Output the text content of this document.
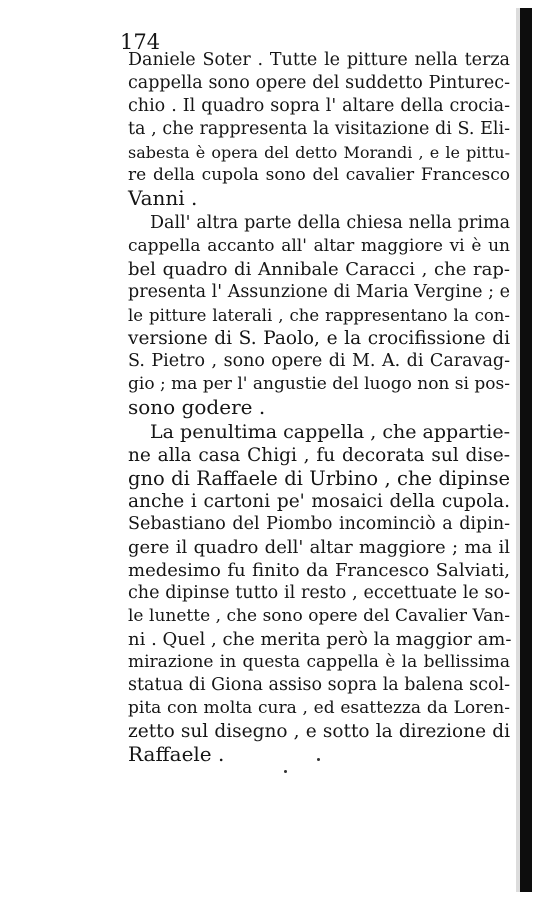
174
Daniele Soter . Tutte le pitture nella terza
cappella sono opere del suddetto Pinturec-
chio . Il quadro sopra l' altare della crocia-
ta , che rappresenta la visitazione di S. Eli-
sabesta è opera del detto Morandi , e le pittu-
re della cupola sono del cavalier Francesco
Vanni .
Dall' altra parte della chiesa nella prima
cappella accanto all' altar maggiore vi è un
bel quadro di Annibale Caracci , che rap-
presenta l' Assunzione di Maria Vergine ; e
le pitture laterali , che rappresentano la con-
versione di S. Paolo, e la crocifissione di
S. Pietro , sono opere di M. A. di Caravag-
gio ; ma per l' angustie del luogo non si pos-
sono godere .
La penultima cappella , che appartie-
ne alla casa Chigi , fu decorata sul dise-
gno di Raffaele di Urbino , che dipinse
anche i cartoni pe' mosaici della cupola.
Sebastiano del Piombo incominciò a dipin-
gere il quadro dell' altar maggiore ; ma il
medesimo fu finito da Francesco Salviati,
che dipinse tutto il resto , eccettuate le so-
le lunette , che sono opere del Cavalier Van-
ni . Quel , che merita però la maggior am-
mirazione in questa cappella è la bellissima
statua di Giona assiso sopra la balena scol-
pita con molta cura , ed esattezza da Loren-
zetto sul disegno , e sotto la direzione di
Raffaele .
